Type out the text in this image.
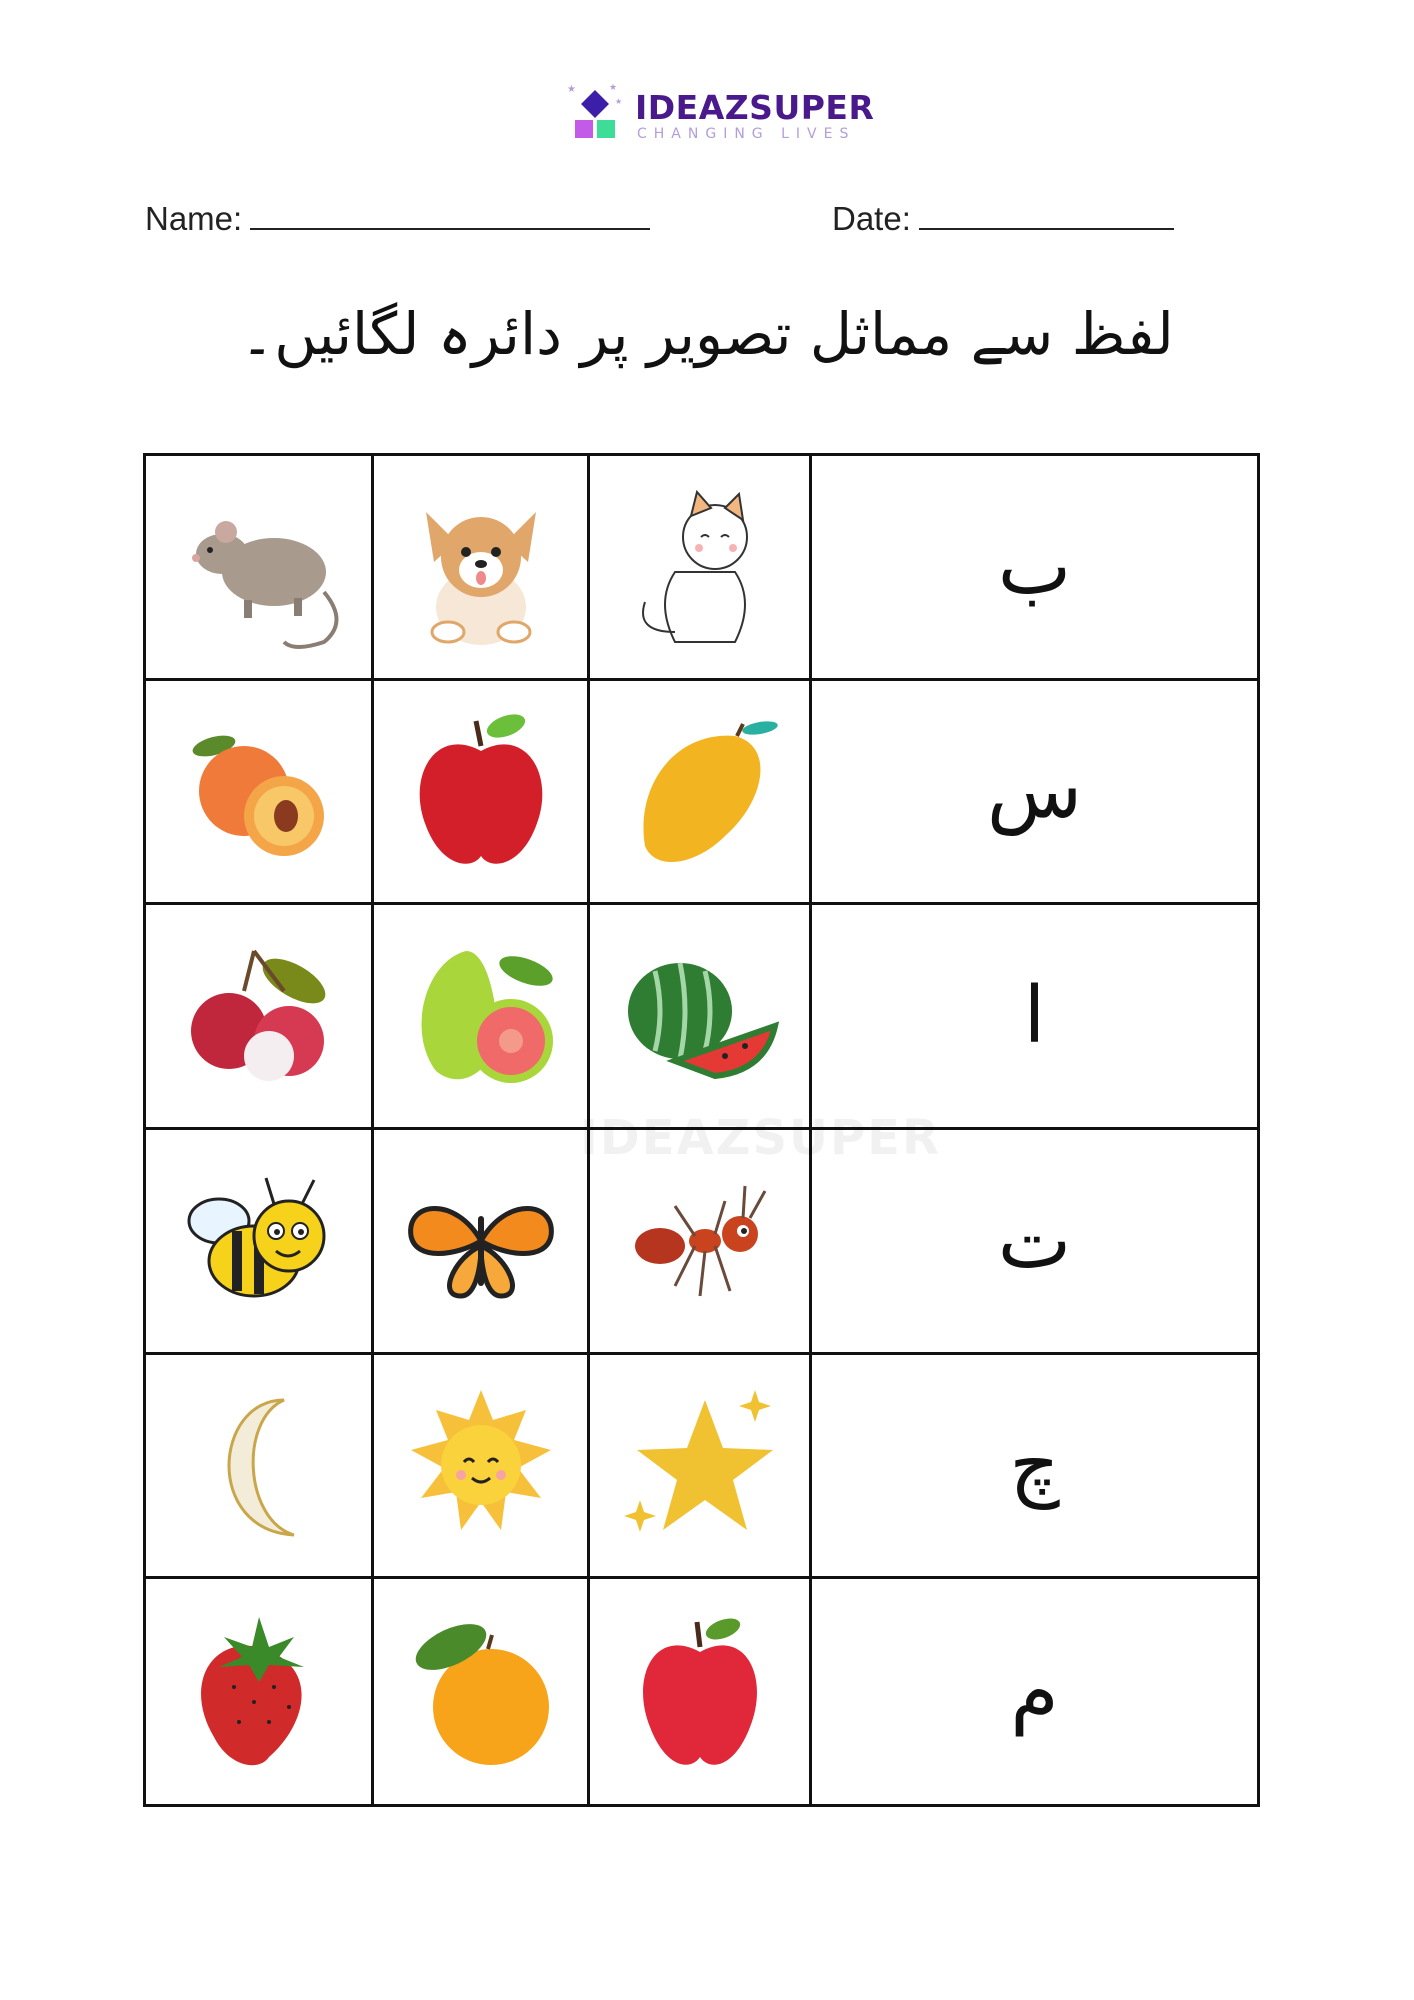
★	★
★ IDEAZSUPER
CHANGING LIVES
Name:	Date:
لفظ سے مماثل تصویر پر دائرہ لگائیں۔
ب
س
ا
ت
چ
م
IDEAZSUPER
